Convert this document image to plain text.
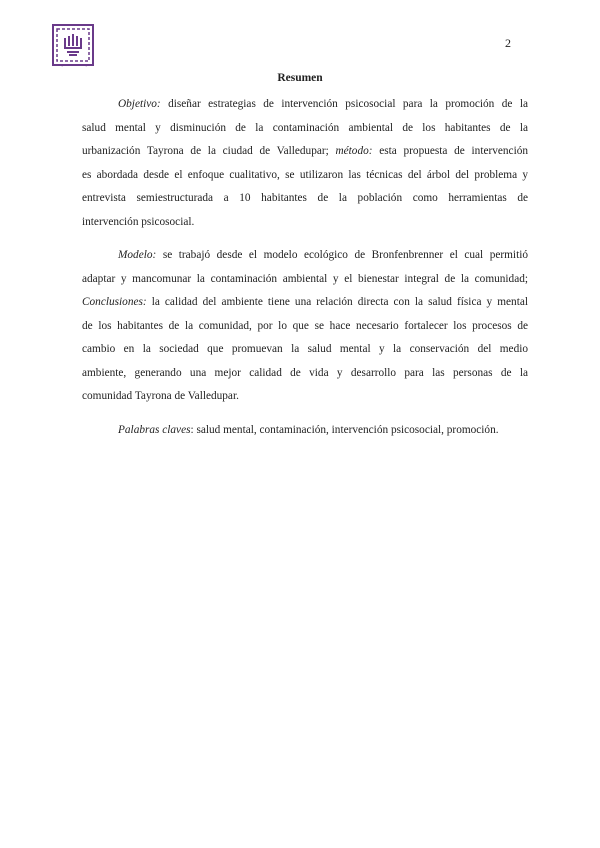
Programa de Psicología
2
Resumen
Objetivo: diseñar estrategias de intervención psicosocial para la promoción de la
salud mental y disminución de la contaminación ambiental de los habitantes de la
urbanización Tayrona de la ciudad de Valledupar; método: esta propuesta de intervención
es abordada desde el enfoque cualitativo, se utilizaron las técnicas del árbol del problema y
entrevista semiestructurada a 10 habitantes de la población como herramientas de
intervención psicosocial.
Modelo: se trabajó desde el modelo ecológico de Bronfenbrenner el cual permitió
adaptar y mancomunar la contaminación ambiental y el bienestar integral de la comunidad;
Conclusiones: la calidad del ambiente tiene una relación directa con la salud física y mental
de los habitantes de la comunidad, por lo que se hace necesario fortalecer los procesos de
cambio en la sociedad que promuevan la salud mental y la conservación del medio
ambiente, generando una mejor calidad de vida y desarrollo para las personas de la
comunidad Tayrona de Valledupar.
Palabras claves: salud mental, contaminación, intervención psicosocial, promoción.
